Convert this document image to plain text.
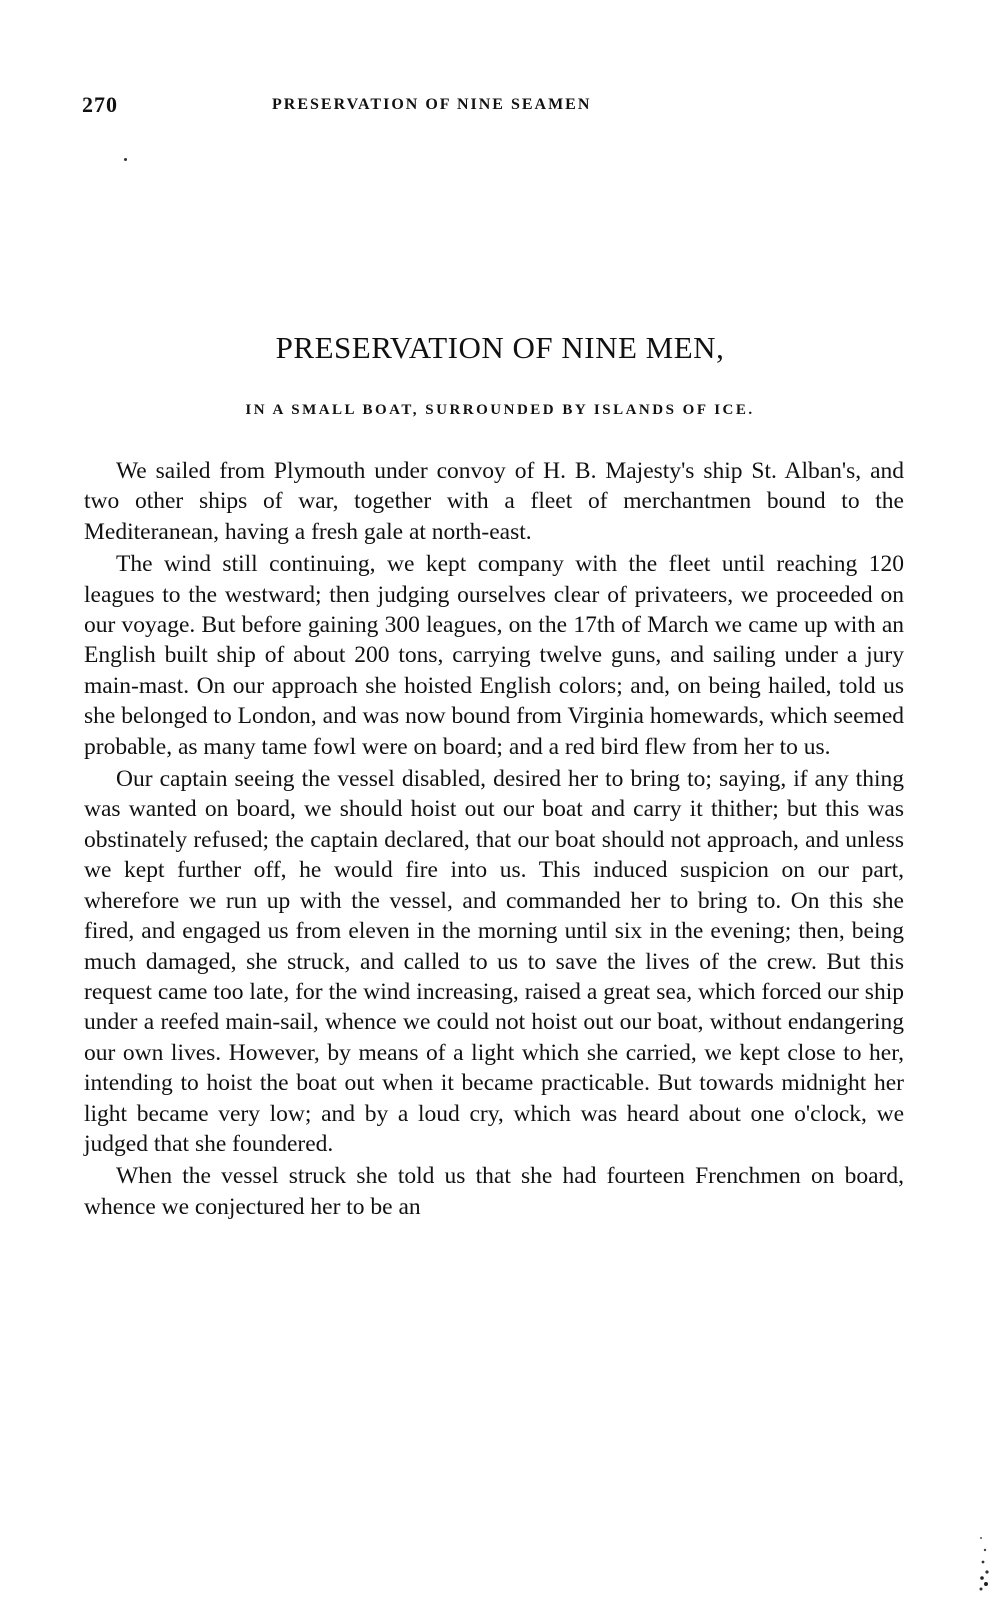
270	PRESERVATION OF NINE SEAMEN
PRESERVATION OF NINE MEN,
IN A SMALL BOAT, SURROUNDED BY ISLANDS OF ICE.

We sailed from Plymouth under convoy of H. B. Majesty's ship St. Alban's, and two other ships of war, together with a fleet of merchantmen bound to the Mediteranean, having a fresh gale at north-east.

The wind still continuing, we kept company with the fleet until reaching 120 leagues to the westward; then judging ourselves clear of privateers, we proceeded on our voyage. But before gaining 300 leagues, on the 17th of March we came up with an English built ship of about 200 tons, carrying twelve guns, and sailing under a jury main-mast. On our approach she hoisted English colors; and, on being hailed, told us she belonged to London, and was now bound from Virginia homewards, which seemed probable, as many tame fowl were on board; and a red bird flew from her to us.

Our captain seeing the vessel disabled, desired her to bring to; saying, if any thing was wanted on board, we should hoist out our boat and carry it thither; but this was obstinately refused; the captain declared, that our boat should not approach, and unless we kept further off, he would fire into us. This induced suspicion on our part, wherefore we run up with the vessel, and commanded her to bring to. On this she fired, and engaged us from eleven in the morning until six in the evening; then, being much damaged, she struck, and called to us to save the lives of the crew. But this request came too late, for the wind increasing, raised a great sea, which forced our ship under a reefed main-sail, whence we could not hoist out our boat, without endangering our own lives. However, by means of a light which she carried, we kept close to her, intending to hoist the boat out when it became practicable. But towards midnight her light became very low; and by a loud cry, which was heard about one o'clock, we judged that she foundered.

When the vessel struck she told us that she had fourteen Frenchmen on board, whence we conjectured her to be an
